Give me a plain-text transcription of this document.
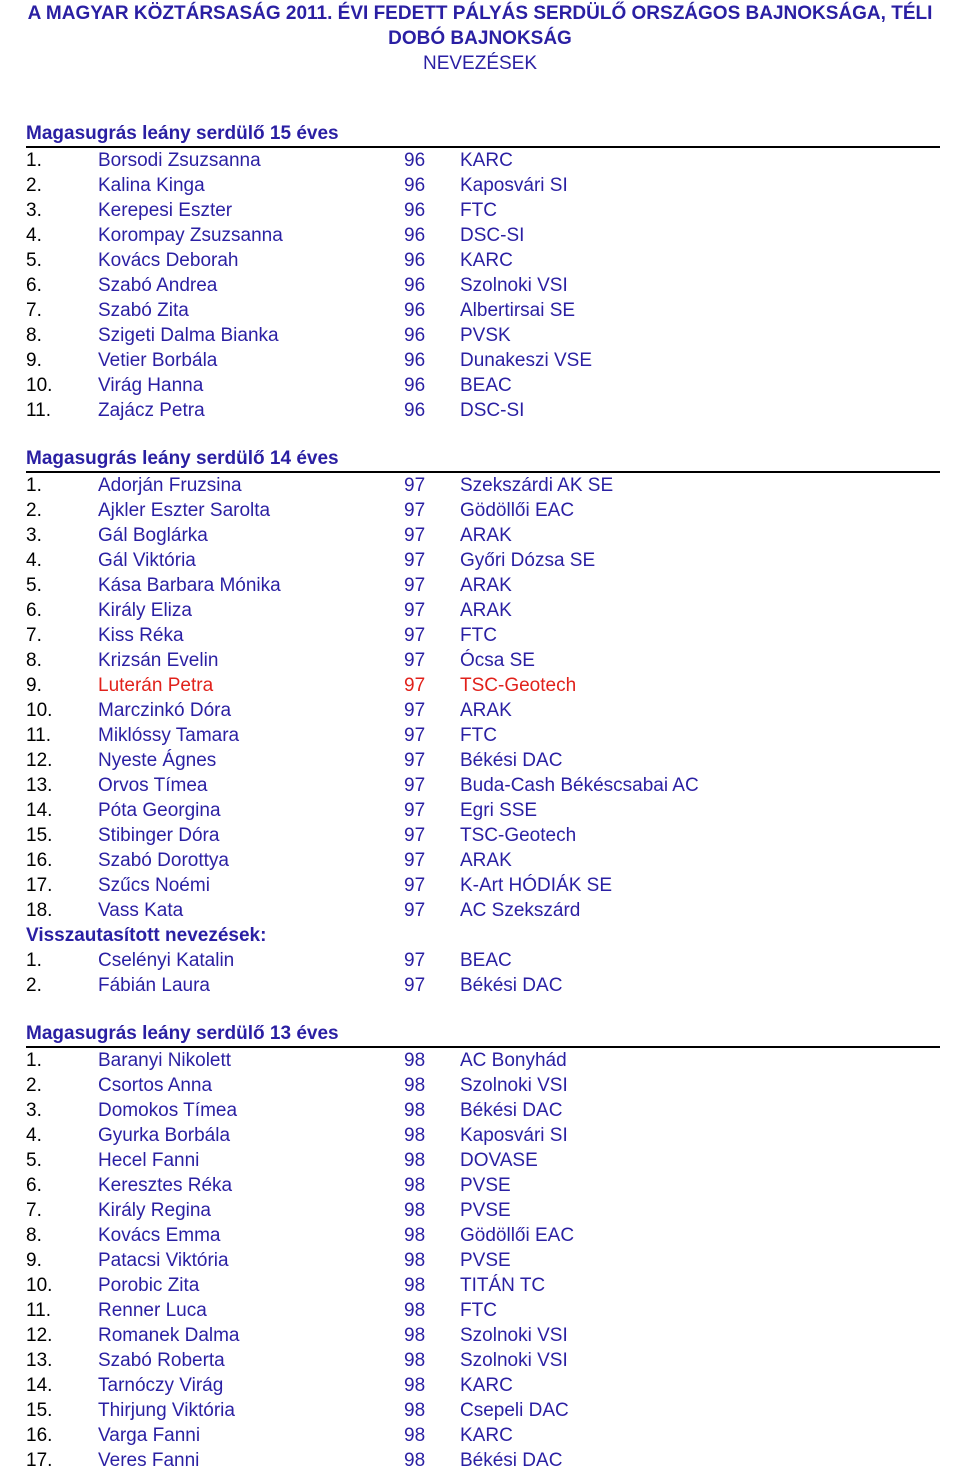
A MAGYAR KÖZTÁRSASÁG 2011. ÉVI FEDETT PÁLYÁS SERDÜLŐ ORSZÁGOS BAJNOKSÁGA, TÉLI
DOBÓ BAJNOKSÁG
NEVEZÉSEK
Magasugrás leány serdülő 15 éves
1.	Borsodi Zsuzsanna	96 KARC
2.	Kalina Kinga	96 Kaposvári SI
3.	Kerepesi Eszter	96 FTC
4.	Korompay Zsuzsanna	96 DSC-SI
5.	Kovács Deborah	96 KARC
6.	Szabó Andrea	96 Szolnoki VSI
7.	Szabó Zita	96 Albertirsai SE
8.	Szigeti Dalma Bianka	96 PVSK
9.	Vetier Borbála	96 Dunakeszi VSE
10. Virág Hanna	96 BEAC
11. Zajácz Petra	96 DSC-SI
Magasugrás leány serdülő 14 éves
1.	Adorján Fruzsina	97 Szekszárdi AK SE
2.	Ajkler Eszter Sarolta	97 Gödöllői EAC
3.	Gál Boglárka	97 ARAK
4.	Gál Viktória	97 Győri Dózsa SE
5.	Kása Barbara Mónika	97 ARAK
6.	Király Eliza	97 ARAK
7.	Kiss Réka	97 FTC
8.	Krizsán Evelin	97 Ócsa SE
9.	Luterán Petra	97 TSC-Geotech
10. Marczinkó Dóra	97 ARAK
11. Miklóssy Tamara	97 FTC
12. Nyeste Ágnes	97 Békési DAC
13. Orvos Tímea	97 Buda-Cash Békéscsabai AC
14. Póta Georgina	97 Egri SSE
15. Stibinger Dóra	97 TSC-Geotech
16. Szabó Dorottya	97 ARAK
17. Szűcs Noémi	97 K-Art HÓDIÁK SE
18. Vass Kata	97 AC Szekszárd
Visszautasított nevezések:
1.	Cselényi Katalin	97 BEAC
2.	Fábián Laura	97 Békési DAC
Magasugrás leány serdülő 13 éves
1.	Baranyi Nikolett	98 AC Bonyhád
2.	Csortos Anna	98 Szolnoki VSI
3.	Domokos Tímea	98 Békési DAC
4.	Gyurka Borbála	98 Kaposvári SI
5.	Hecel Fanni	98 DOVASE
6.	Keresztes Réka	98 PVSE
7.	Király Regina	98 PVSE
8.	Kovács Emma	98 Gödöllői EAC
9.	Patacsi Viktória	98 PVSE
10. Porobic Zita	98 TITÁN TC
11. Renner Luca	98 FTC
12. Romanek Dalma	98 Szolnoki VSI
13. Szabó Roberta	98 Szolnoki VSI
14. Tarnóczy Virág	98 KARC
15. Thirjung Viktória	98 Csepeli DAC
16. Varga Fanni	98 KARC
17. Veres Fanni	98 Békési DAC
